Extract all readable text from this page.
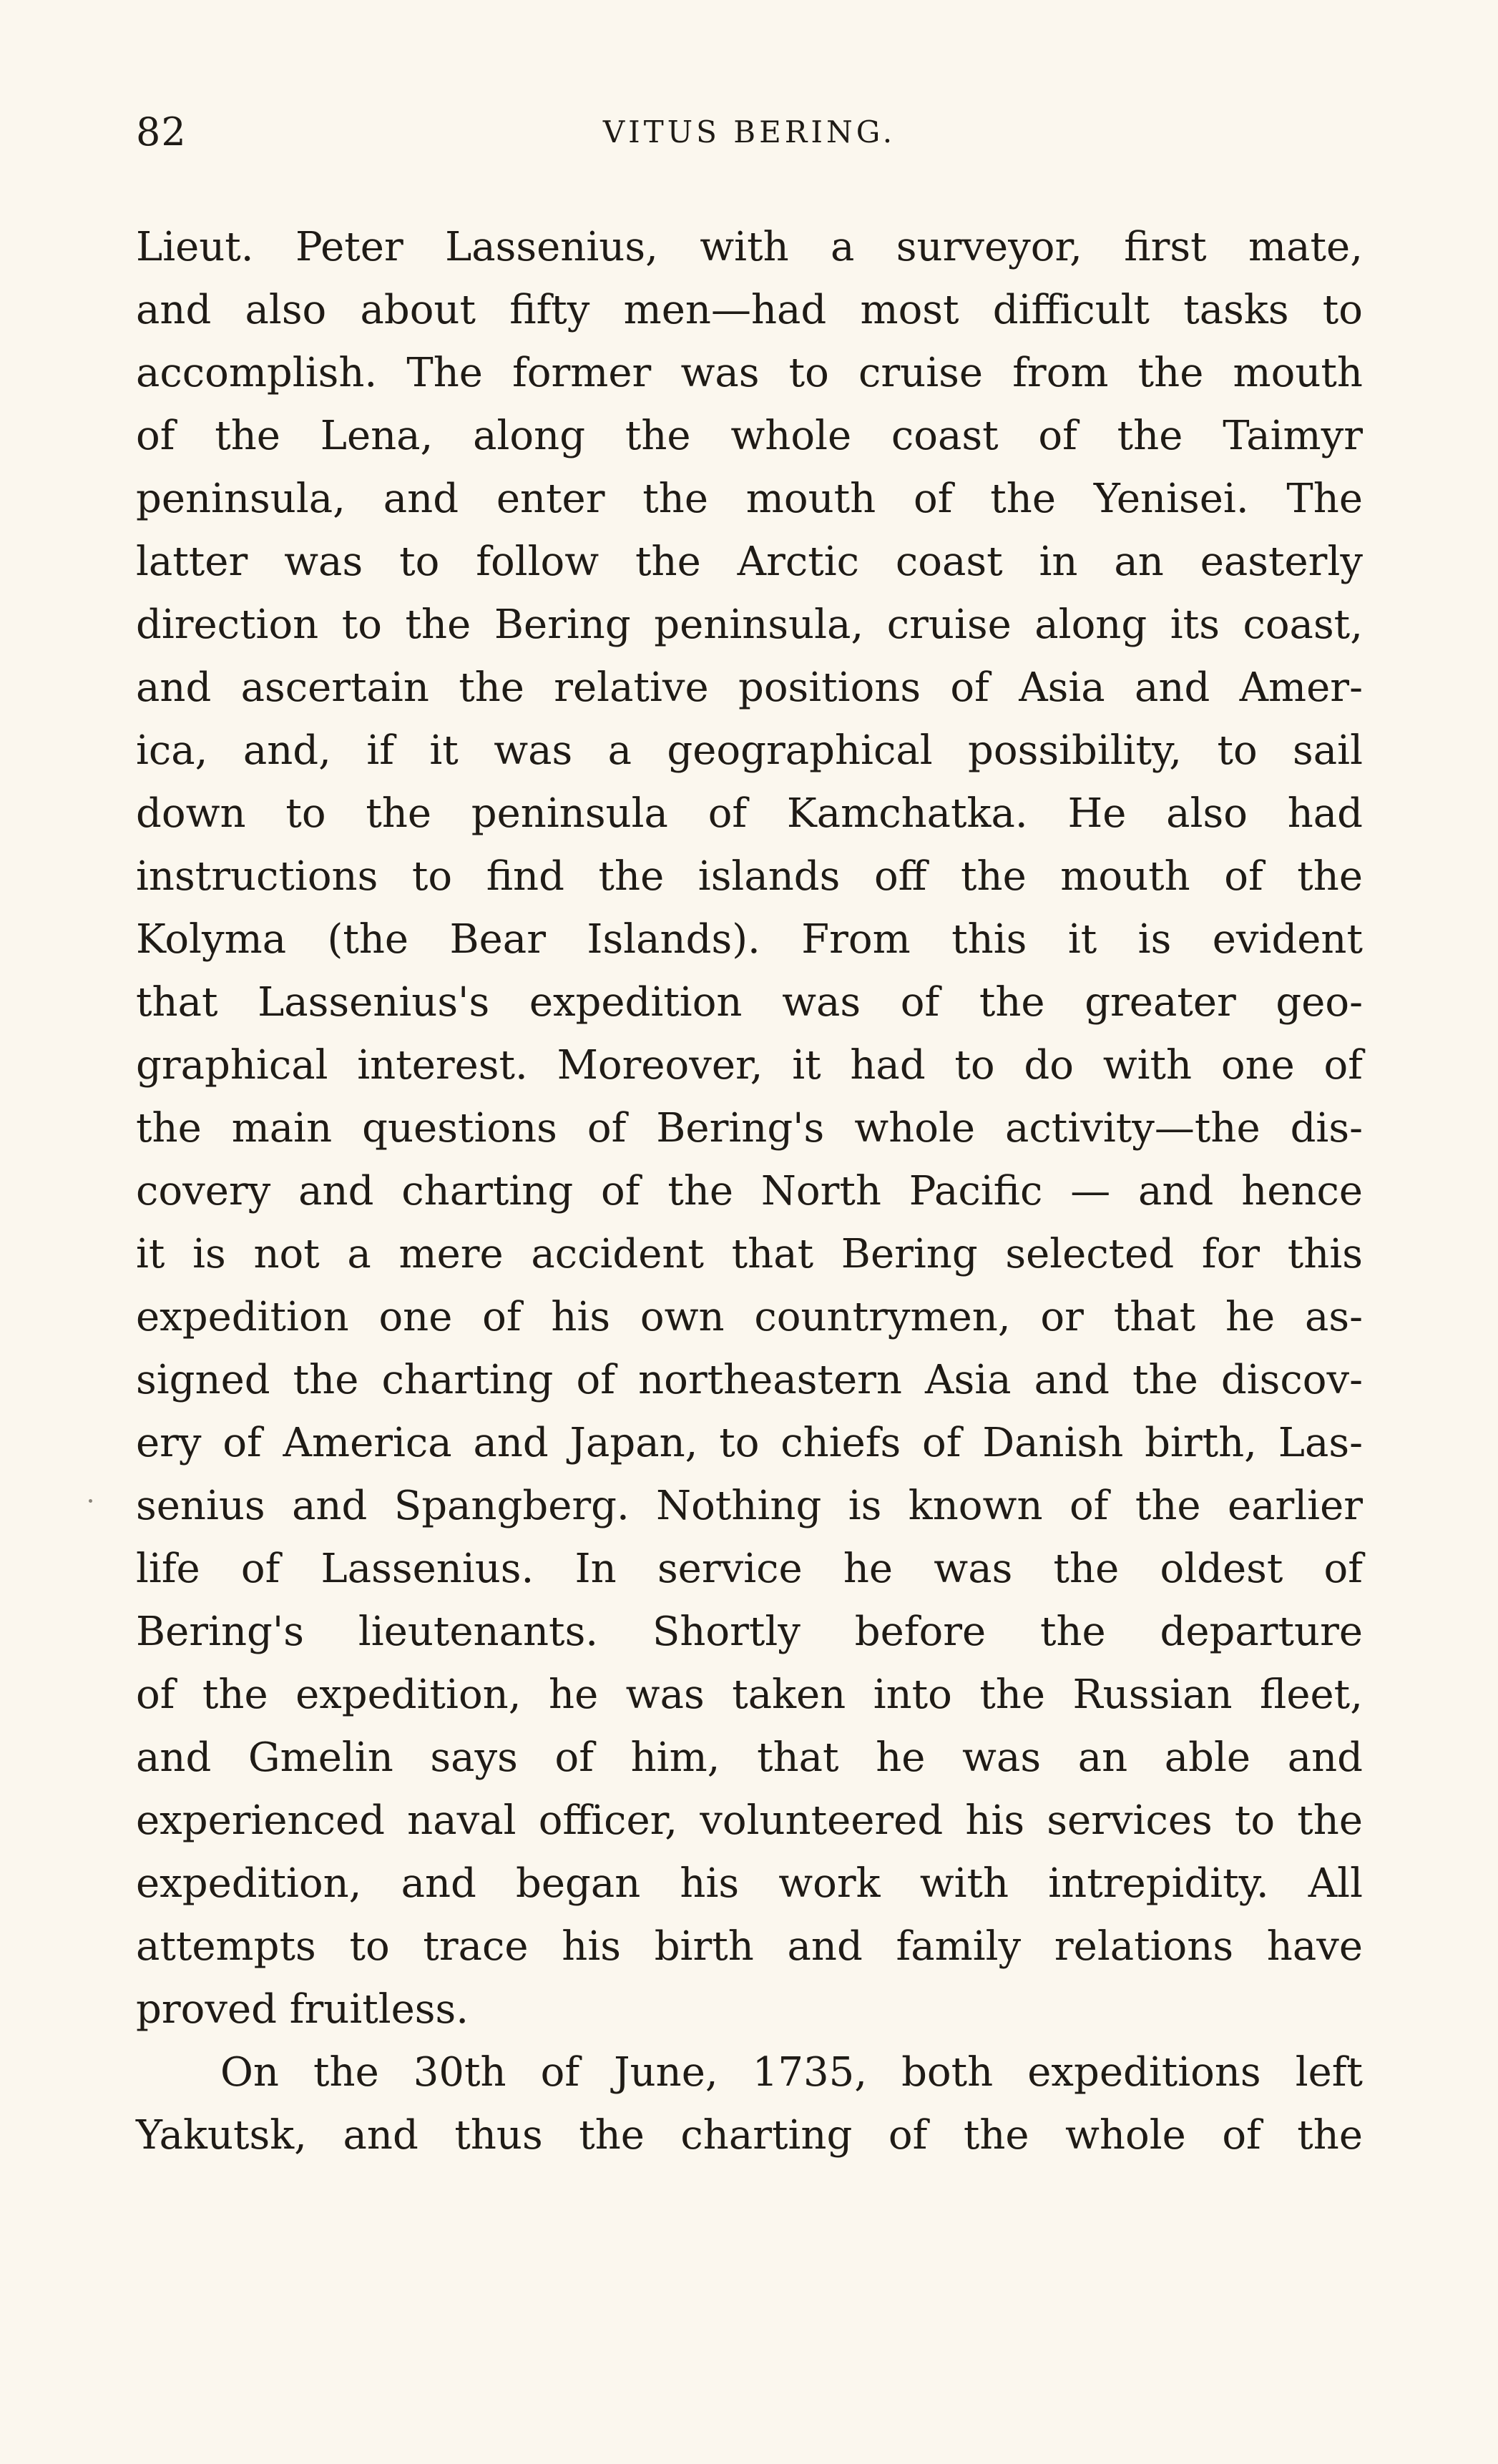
82	VITUS BERING.
Lieut. Peter Lassenius, with a surveyor, first mate,
and also about fifty men—had most difficult tasks to
accomplish. The former was to cruise from the mouth
of the Lena, along the whole coast of the Taimyr
peninsula, and enter the mouth of the Yenisei. The
latter was to follow the Arctic coast in an easterly
direction to the Bering peninsula, cruise along its coast,
and ascertain the relative positions of Asia and Amer-
ica, and, if it was a geographical possibility, to sail
down to the peninsula of Kamchatka. He also had
instructions to find the islands off the mouth of the
Kolyma (the Bear Islands). From this it is evident
that Lassenius's expedition was of the greater geo-
graphical interest. Moreover, it had to do with one of
the main questions of Bering's whole activity—the dis-
covery and charting of the North Pacific — and hence
it is not a mere accident that Bering selected for this
expedition one of his own countrymen, or that he as-
signed the charting of northeastern Asia and the discov-
ery of America and Japan, to chiefs of Danish birth, Las-
senius and Spangberg. Nothing is known of the earlier
life of Lassenius. In service he was the oldest of
Bering's lieutenants. Shortly before the departure
of the expedition, he was taken into the Russian fleet,
and Gmelin says of him, that he was an able and
experienced naval officer, volunteered his services to the
expedition, and began his work with intrepidity. All
attempts to trace his birth and family relations have
proved fruitless.
On the 30th of June, 1735, both expeditions left
Yakutsk, and thus the charting of the whole of the
